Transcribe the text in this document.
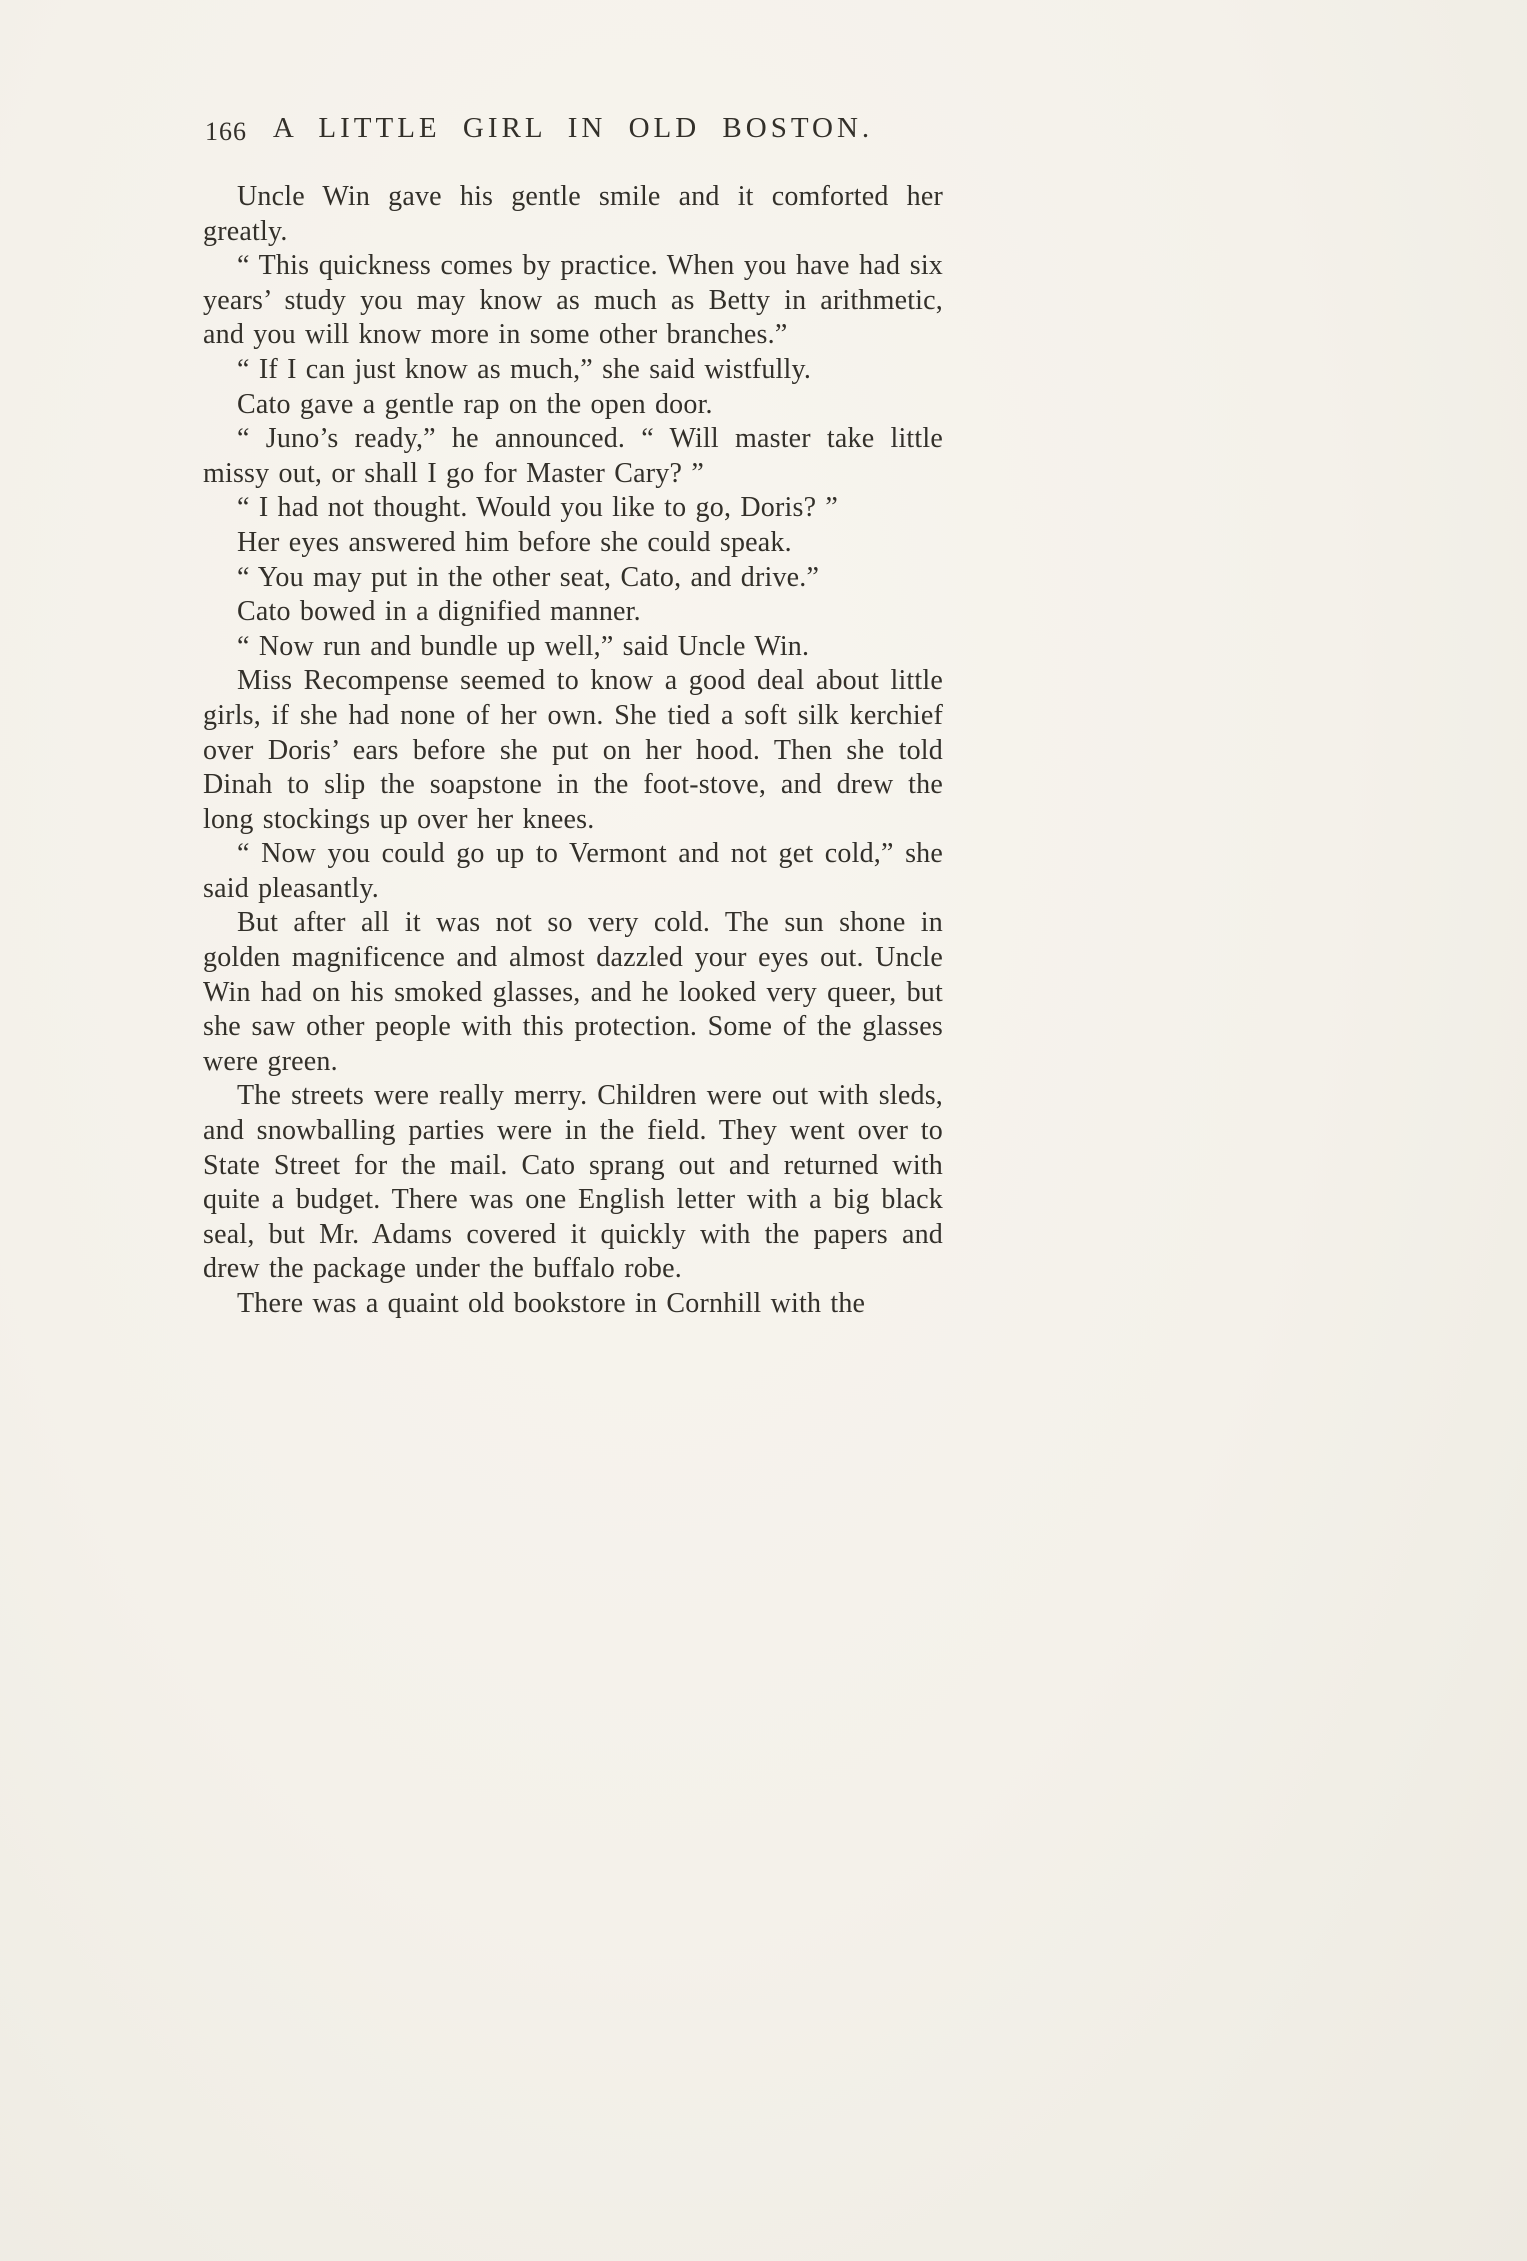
166 A LITTLE GIRL IN OLD BOSTON.

Uncle Win gave his gentle smile and it comforted her greatly.

“ This quickness comes by practice. When you have had six years’ study you may know as much as Betty in arithmetic, and you will know more in some other branches.”

“ If I can just know as much,” she said wistfully.

Cato gave a gentle rap on the open door.

“ Juno’s ready,” he announced. “ Will master take little missy out, or shall I go for Master Cary? ”

“ I had not thought. Would you like to go, Doris? ”

Her eyes answered him before she could speak.

“ You may put in the other seat, Cato, and drive.”

Cato bowed in a dignified manner.

“ Now run and bundle up well,” said Uncle Win.

Miss Recompense seemed to know a good deal about little girls, if she had none of her own. She tied a soft silk kerchief over Doris’ ears before she put on her hood. Then she told Dinah to slip the soapstone in the foot-stove, and drew the long stockings up over her knees.

“ Now you could go up to Vermont and not get cold,” she said pleasantly.

But after all it was not so very cold. The sun shone in golden magnificence and almost dazzled your eyes out. Uncle Win had on his smoked glasses, and he looked very queer, but she saw other people with this protection. Some of the glasses were green.

The streets were really merry. Children were out with sleds, and snowballing parties were in the field. They went over to State Street for the mail. Cato sprang out and returned with quite a budget. There was one English letter with a big black seal, but Mr. Adams covered it quickly with the papers and drew the package under the buffalo robe.

There was a quaint old bookstore in Cornhill with the
